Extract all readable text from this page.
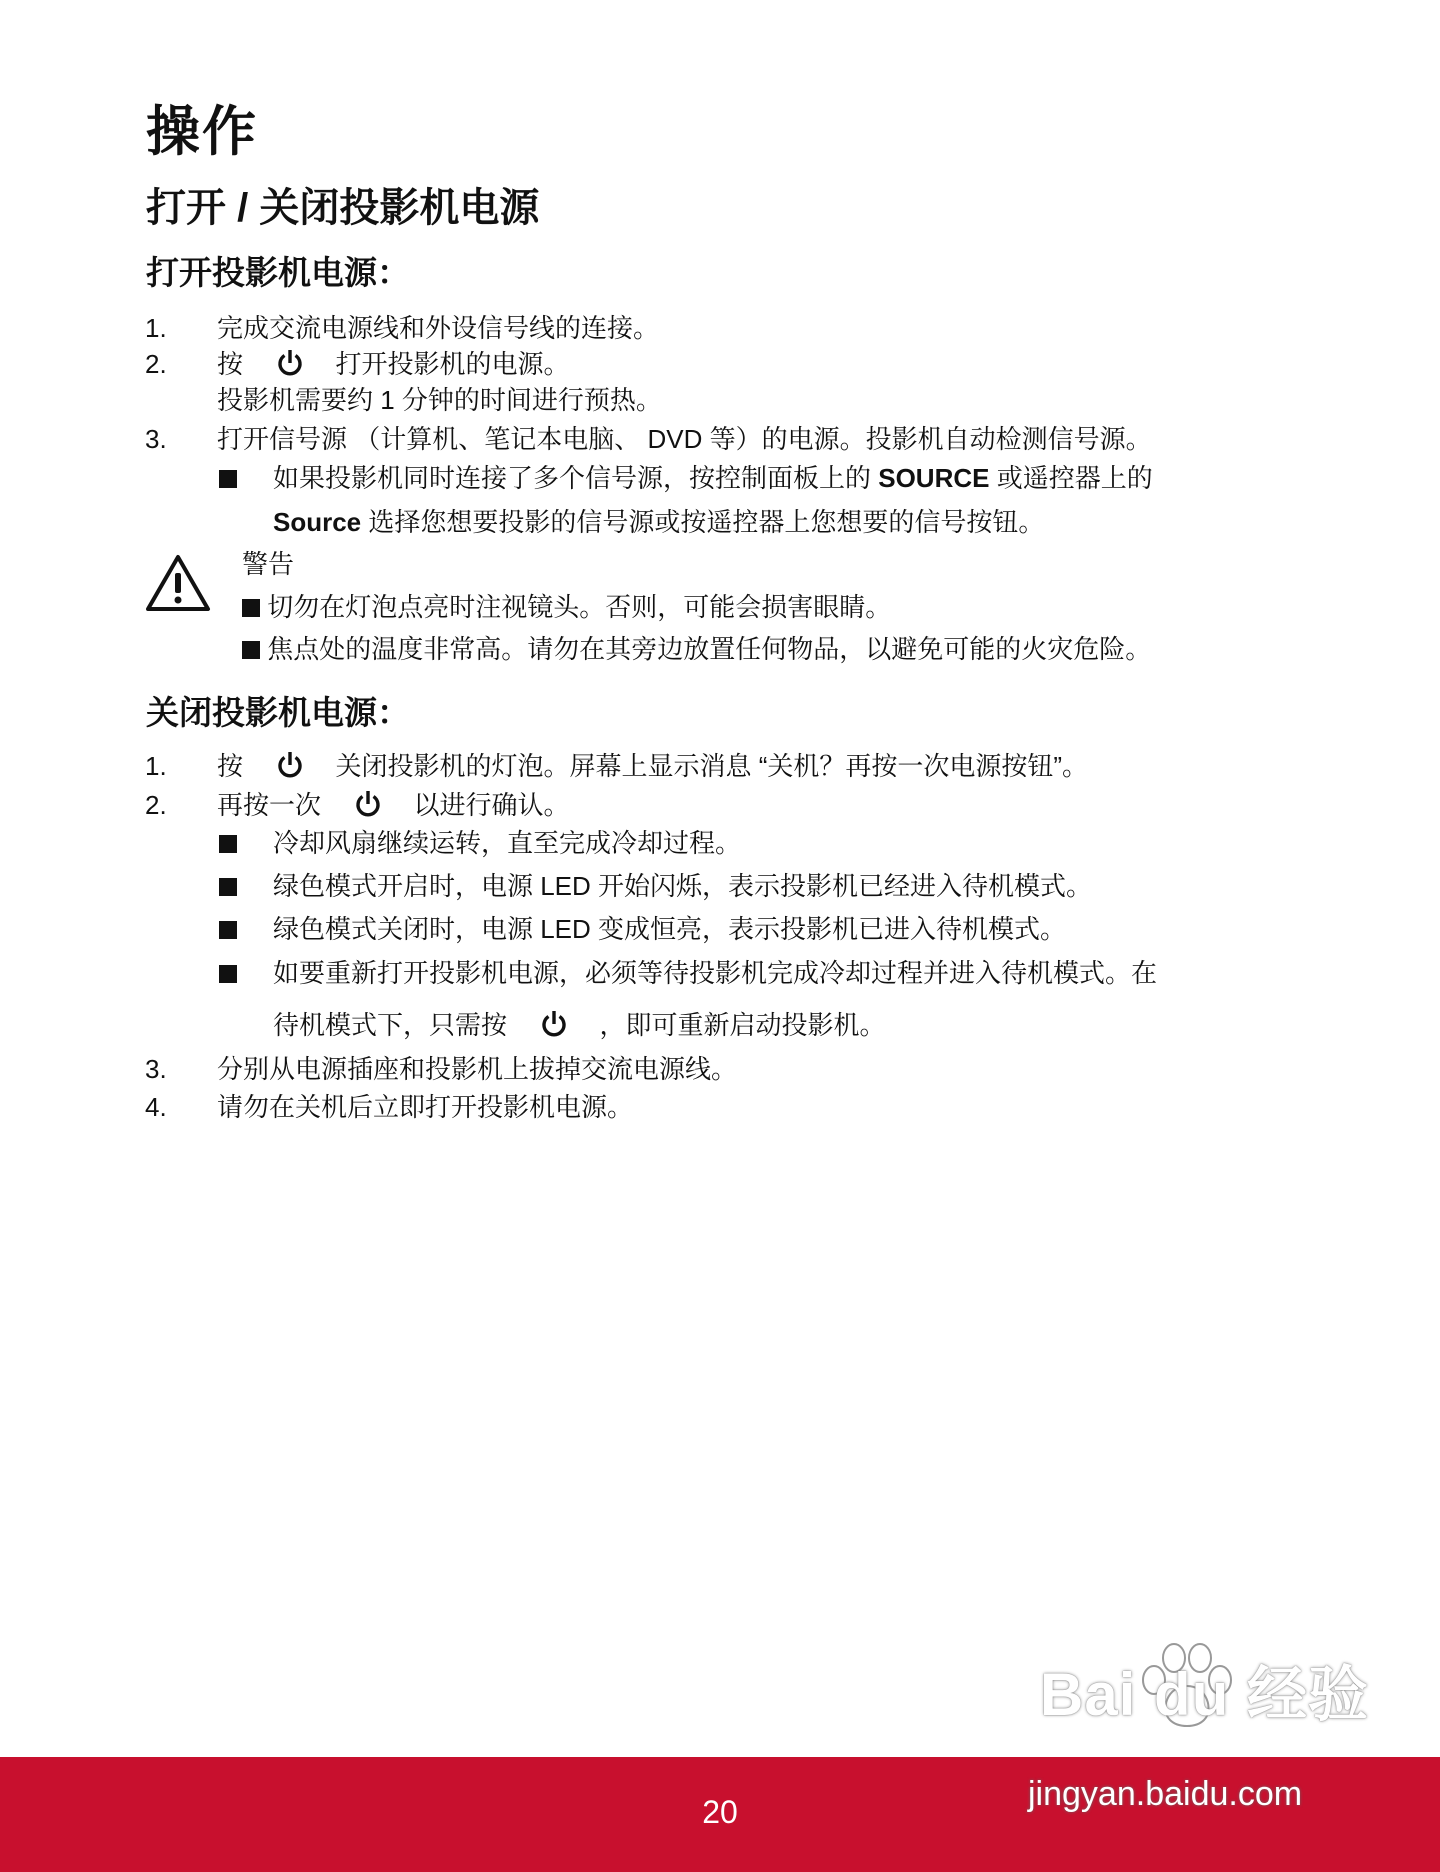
操作
打开 / 关闭投影机电源
打开投影机电源：
1. 完成交流电源线和外设信号线的连接。
2. 按	打开投影机的电源。
投影机需要约 1 分钟的时间进行预热。
3. 打开信号源 （计算机、笔记本电脑、 DVD 等）的电源。投影机自动检测信号源。
如果投影机同时连接了多个信号源，按控制面板上的 SOURCE 或遥控器上的
Source 选择您想要投影的信号源或按遥控器上您想要的信号按钮。
警告
切勿在灯泡点亮时注视镜头。否则，可能会损害眼睛。
焦点处的温度非常高。请勿在其旁边放置任何物品，以避免可能的火灾危险。
关闭投影机电源：
1. 按	关闭投影机的灯泡。屏幕上显示消息 “关机？再按一次电源按钮”。
2. 再按一次	以进行确认。
冷却风扇继续运转，直至完成冷却过程。
绿色模式开启时，电源 LED 开始闪烁，表示投影机已经进入待机模式。
绿色模式关闭时，电源 LED 变成恒亮，表示投影机已进入待机模式。
如要重新打开投影机电源，必须等待投影机完成冷却过程并进入待机模式。在
待机模式下，只需按	，即可重新启动投影机。
3. 分别从电源插座和投影机上拔掉交流电源线。
4. 请勿在关机后立即打开投影机电源。
20
Bai du 经验
jingyan.baidu.com
